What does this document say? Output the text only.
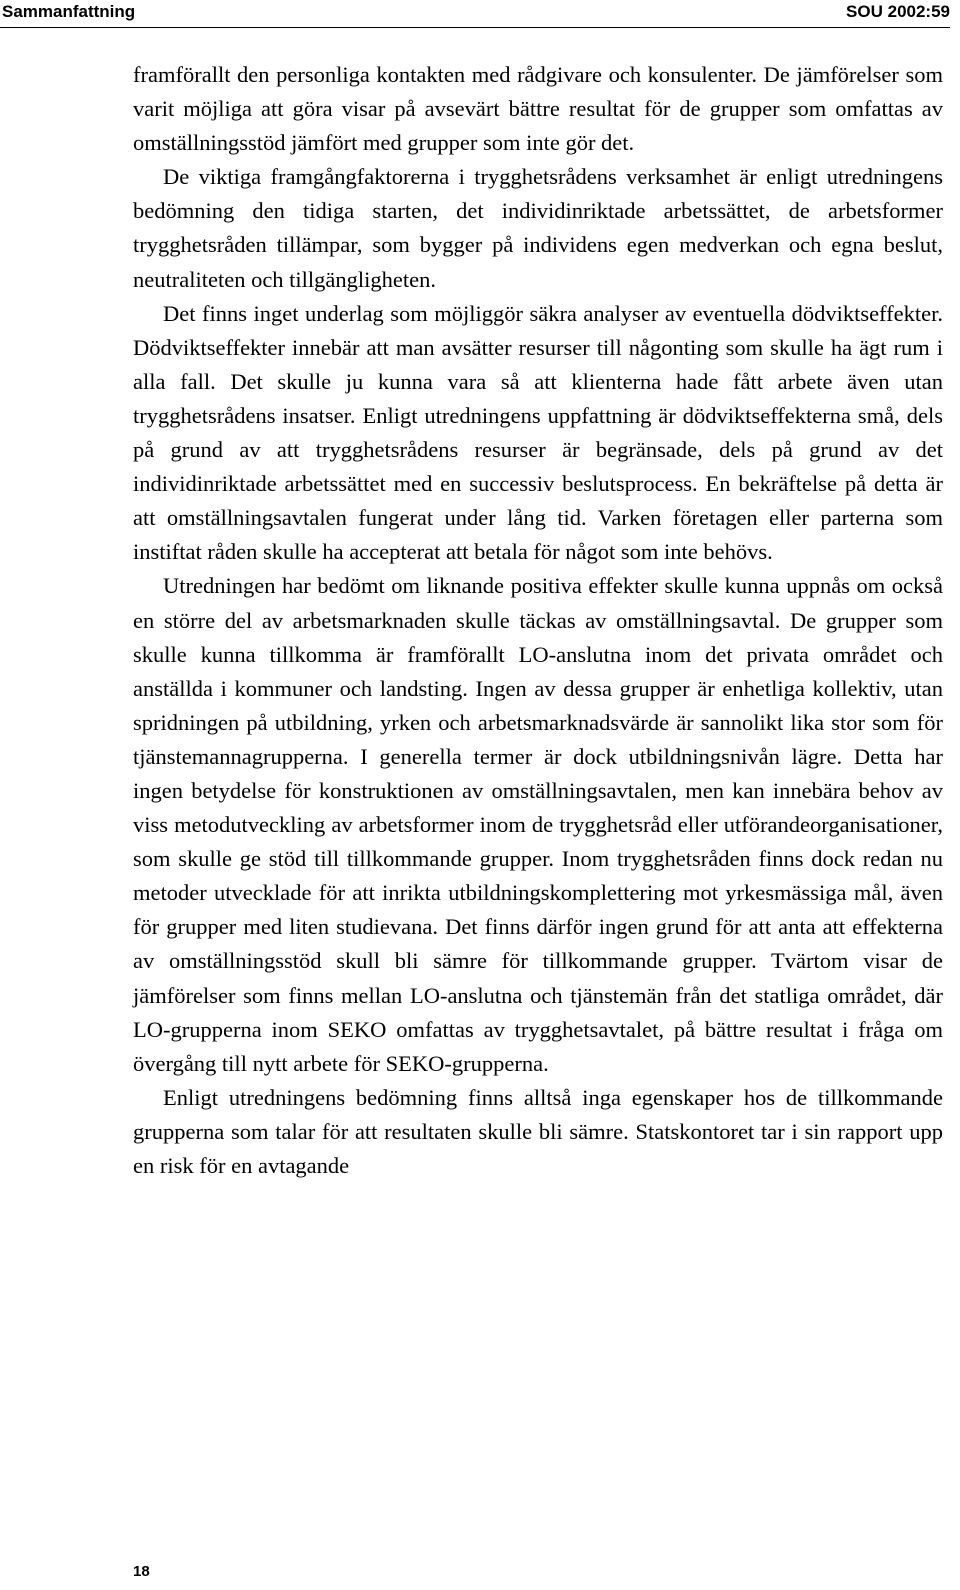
Sammanfattning	SOU 2002:59

framförallt den personliga kontakten med rådgivare och konsulenter. De jämförelser som varit möjliga att göra visar på avsevärt bättre resultat för de grupper som omfattas av omställningsstöd jämfört med grupper som inte gör det.

De viktiga framgångfaktorerna i trygghetsrådens verksamhet är enligt utredningens bedömning den tidiga starten, det individinriktade arbetssättet, de arbetsformer trygghetsråden tillämpar, som bygger på individens egen medverkan och egna beslut, neutraliteten och tillgängligheten.

Det finns inget underlag som möjliggör säkra analyser av eventuella dödviktseffekter. Dödviktseffekter innebär att man avsätter resurser till någonting som skulle ha ägt rum i alla fall. Det skulle ju kunna vara så att klienterna hade fått arbete även utan trygghetsrådens insatser. Enligt utredningens uppfattning är dödviktseffekterna små, dels på grund av att trygghetsrådens resurser är begränsade, dels på grund av det individinriktade arbetssättet med en successiv beslutsprocess. En bekräftelse på detta är att omställningsavtalen fungerat under lång tid. Varken företagen eller parterna som instiftat råden skulle ha accepterat att betala för något som inte behövs.

Utredningen har bedömt om liknande positiva effekter skulle kunna uppnås om också en större del av arbetsmarknaden skulle täckas av omställningsavtal. De grupper som skulle kunna tillkomma är framförallt LO-anslutna inom det privata området och anställda i kommuner och landsting. Ingen av dessa grupper är enhetliga kollektiv, utan spridningen på utbildning, yrken och arbetsmarknadsvärde är sannolikt lika stor som för tjänstemannagrupperna. I generella termer är dock utbildningsnivån lägre. Detta har ingen betydelse för konstruktionen av omställningsavtalen, men kan innebära behov av viss metodutveckling av arbetsformer inom de trygghetsråd eller utförandeorganisationer, som skulle ge stöd till tillkommande grupper. Inom trygghetsråden finns dock redan nu metoder utvecklade för att inrikta utbildningskomplettering mot yrkesmässiga mål, även för grupper med liten studievana. Det finns därför ingen grund för att anta att effekterna av omställningsstöd skull bli sämre för tillkommande grupper. Tvärtom visar de jämförelser som finns mellan LO-anslutna och tjänstemän från det statliga området, där LO-grupperna inom SEKO omfattas av trygghetsavtalet, på bättre resultat i fråga om övergång till nytt arbete för SEKO-grupperna.

Enligt utredningens bedömning finns alltså inga egenskaper hos de tillkommande grupperna som talar för att resultaten skulle bli sämre. Statskontoret tar i sin rapport upp en risk för en avtagande

18
